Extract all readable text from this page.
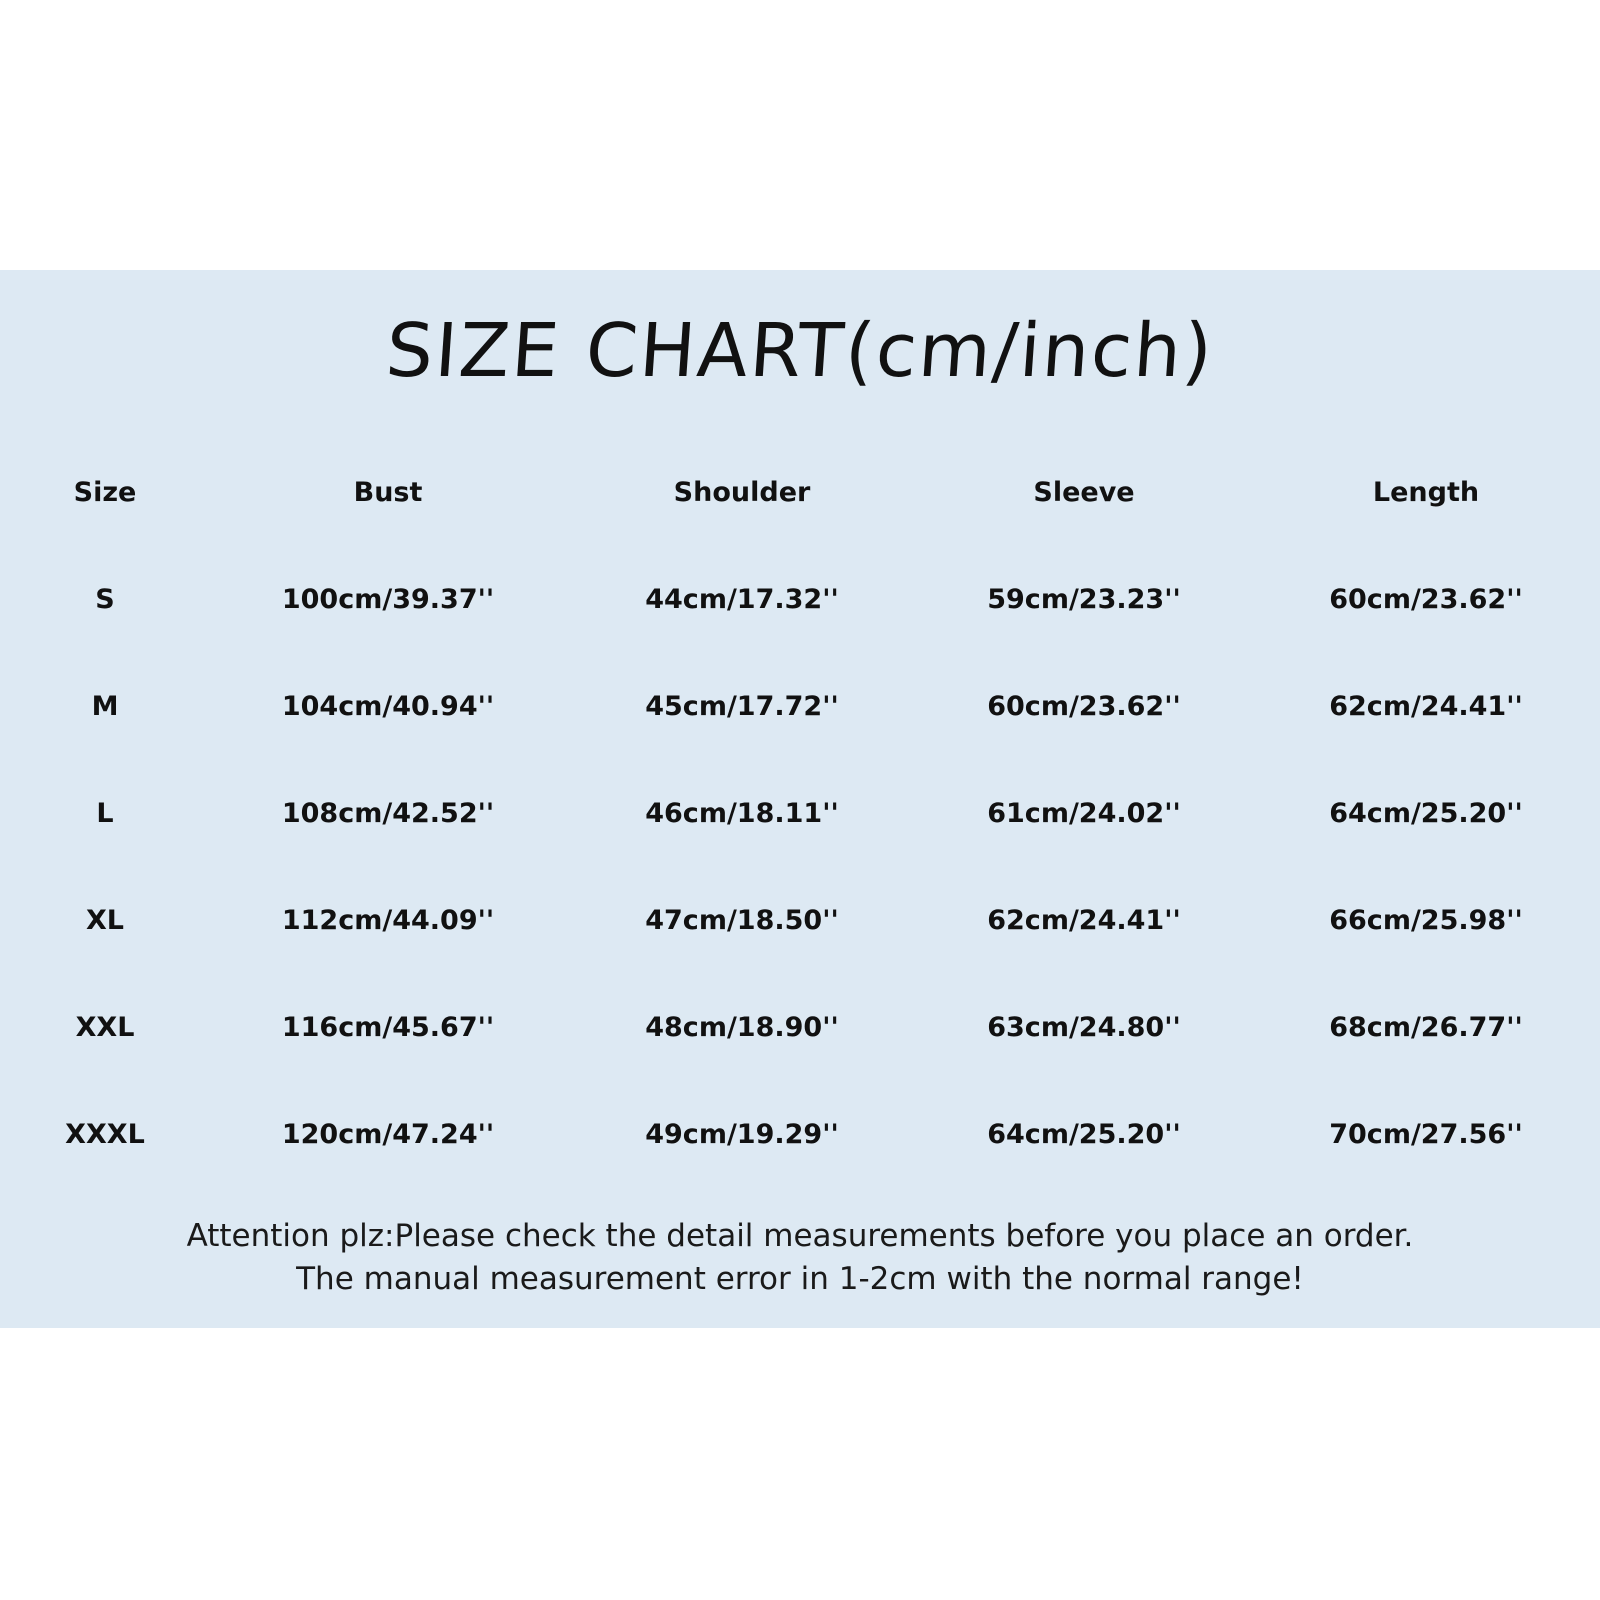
SIZE CHART(cm/inch)
Size	Bust	Shoulder	Sleeve	Length
S	100cm/39.37''	44cm/17.32''	59cm/23.23''	60cm/23.62''
M	104cm/40.94''	45cm/17.72''	60cm/23.62''	62cm/24.41''
L	108cm/42.52''	46cm/18.11''	61cm/24.02''	64cm/25.20''
XL	112cm/44.09''	47cm/18.50''	62cm/24.41''	66cm/25.98''
XXL	116cm/45.67''	48cm/18.90''	63cm/24.80''	68cm/26.77''
XXXL	120cm/47.24''	49cm/19.29''	64cm/25.20''	70cm/27.56''
Attention plz:Please check the detail measurements before you place an order.
The manual measurement error in 1-2cm with the normal range!
